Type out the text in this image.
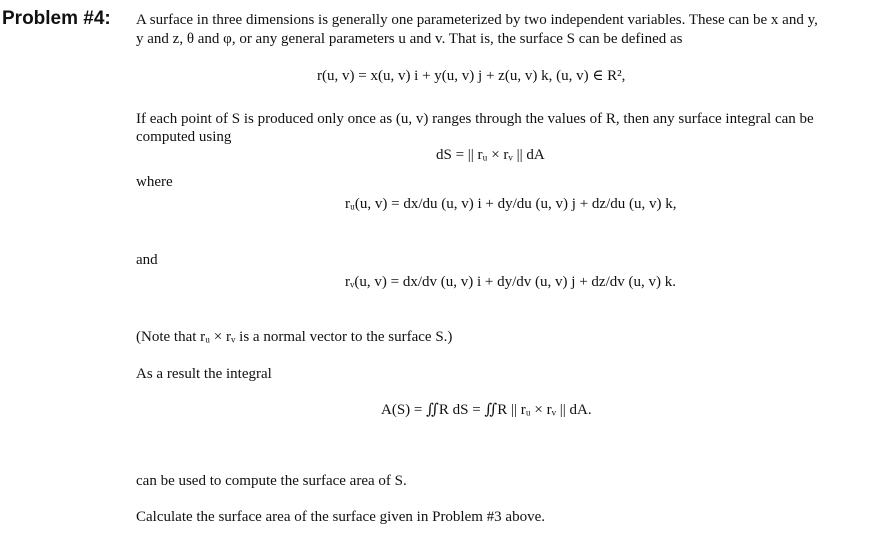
Problem #4: A surface in three dimensions is generally one parameterized by two independent variables. These can be x and y,
y and z, θ and φ, or any general parameters u and v. That is, the surface S can be defined as
r(u, v) = x(u, v) i + y(u, v) j + z(u, v) k, (u, v) ∈ R²,
If each point of S is produced only once as (u, v) ranges through the values of R, then any surface integral can be
computed using
dS = || rᵤ × rᵥ || dA
where
rᵤ(u, v) = dx/du (u, v) i + dy/du (u, v) j + dz/du (u, v) k,
and
rᵥ(u, v) = dx/dv (u, v) i + dy/dv (u, v) j + dz/dv (u, v) k.
(Note that rᵤ × rᵥ is a normal vector to the surface S.)
As a result the integral
A(S) = ∬R dS = ∬R || rᵤ × rᵥ || dA.
can be used to compute the surface area of S.
Calculate the surface area of the surface given in Problem #3 above.
